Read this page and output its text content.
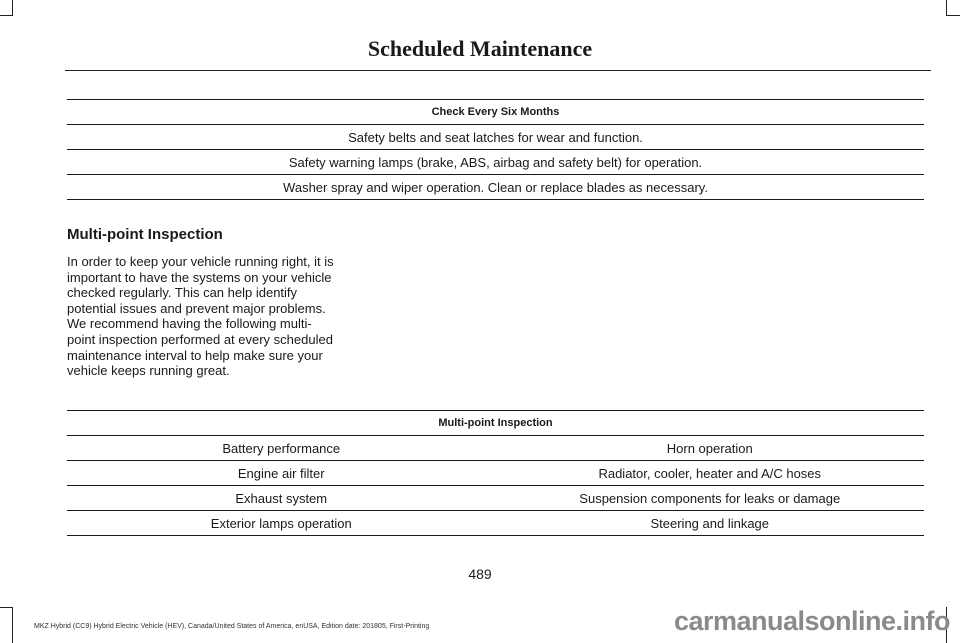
Scheduled Maintenance
Check Every Six Months
Safety belts and seat latches for wear and function.
Safety warning lamps (brake, ABS, airbag and safety belt) for operation.
Washer spray and wiper operation. Clean or replace blades as necessary.
Multi-point Inspection

In order to keep your vehicle running right, it is important to have the systems on your vehicle checked regularly. This can help identify potential issues and prevent major problems. We recommend having the following multi-point inspection performed at every scheduled maintenance interval to help make sure your vehicle keeps running great.

Multi-point Inspection	
Battery performance	Horn operation
Engine air filter	Radiator, cooler, heater and A/C hoses
Exhaust system	Suspension components for leaks or damage
Exterior lamps operation	Steering and linkage
489
MKZ Hybrid (CC9) Hybrid Electric Vehicle (HEV), Canada/United States of America, enUSA, Edition date: 201805, First-Printing	carmanualsonline.info
